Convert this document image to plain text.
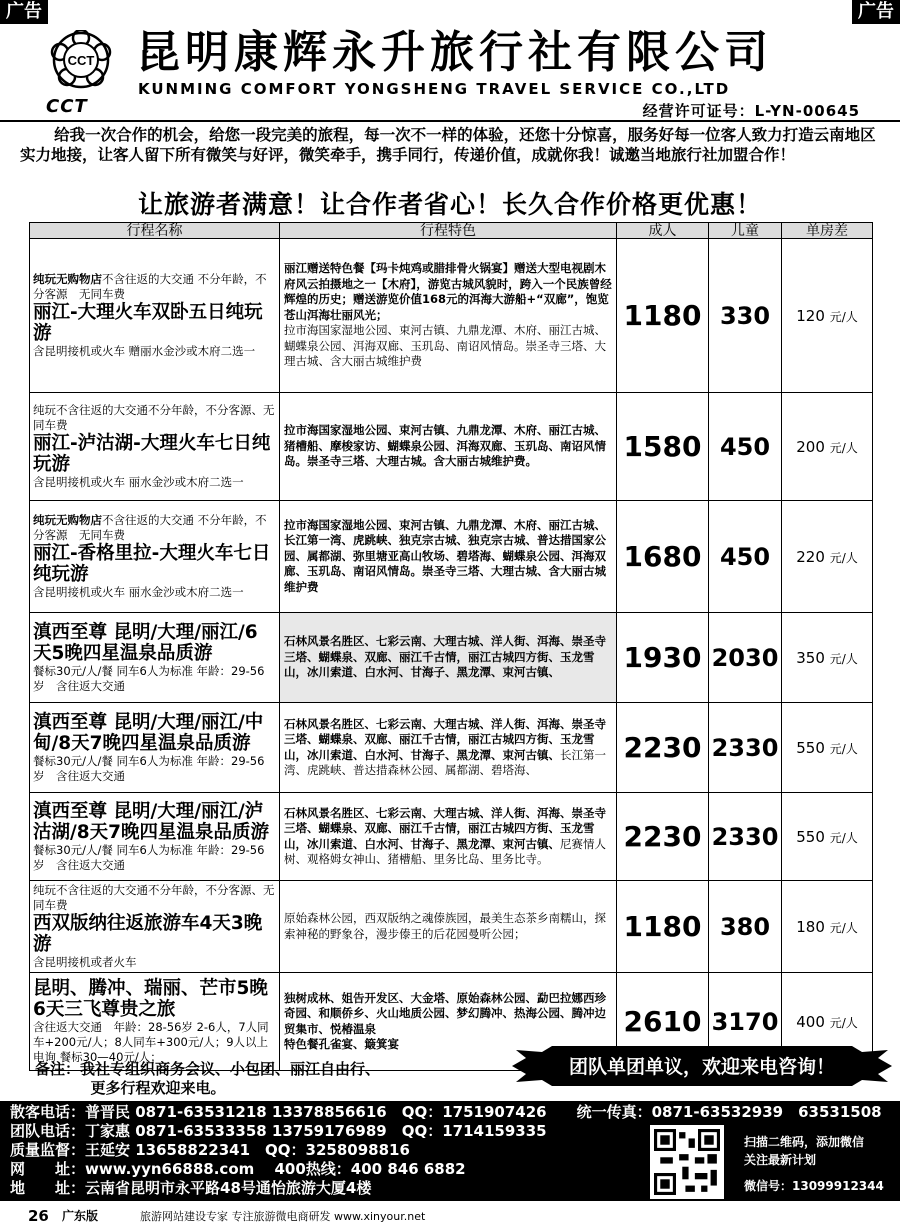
广告	广告
CCT
CCT
昆明康辉永升旅行社有限公司
KUNMING COMFORT YONGSHENG TRAVEL SERVICE CO.,LTD
经营许可证号：L-YN-00645
给我一次合作的机会，给您一段完美的旅程，每一次不一样的体验，还您十分惊喜，服务好每一位客人致力打造云南地区实力地接，让客人留下所有微笑与好评，微笑牵手，携手同行，传递价值，成就你我！诚邀当地旅行社加盟合作！
让旅游者满意！让合作者省心！长久合作价格更优惠！
行程名称	行程特色	成人	儿童	单房差
纯玩无购物店不含往返的大交通 不分年龄，不分客源　无同车费
丽江-大理火车双卧五日纯玩游
含昆明接机或火车 赠丽水金沙或木府二选一	丽江赠送特色餐【玛卡炖鸡或腊排骨火锅宴】赠送大型电视剧木府风云拍摄地之一【木府】，游览古城风貌时，跨入一个民族曾经辉煌的历史；赠送游览价值168元的洱海大游船+“双廊”，饱览苍山洱海壮丽风光；
拉市海国家湿地公园、束河古镇、九鼎龙潭、木府、丽江古城、蝴蝶泉公园、洱海双廊、玉玑岛、南诏风情岛。崇圣寺三塔、大理古城、含大丽古城维护费	1180	330	120 元/人
纯玩不含往返的大交通不分年龄，不分客源、无同车费
丽江-泸沽湖-大理火车七日纯玩游
含昆明接机或火车 丽水金沙或木府二选一	拉市海国家湿地公园、束河古镇、九鼎龙潭、木府、丽江古城、猪槽船、摩梭家访、蝴蝶泉公园、洱海双廊、玉玑岛、南诏风情岛。崇圣寺三塔、大理古城。含大丽古城维护费。	1580	450	200 元/人
纯玩无购物店不含往返的大交通 不分年龄，不分客源　无同车费
丽江-香格里拉-大理火车七日纯玩游
含昆明接机或火车 丽水金沙或木府二选一	拉市海国家湿地公园、束河古镇、九鼎龙潭、木府、丽江古城、长江第一湾、虎跳峡、独克宗古城、独克宗古城、普达措国家公园、属都湖、弥里塘亚高山牧场、碧塔海、蝴蝶泉公园、洱海双廊、玉玑岛、南诏风情岛。崇圣寺三塔、大理古城、含大丽古城维护费	1680	450	220 元/人

滇西至尊 昆明/大理/丽江/6天5晚四星温泉品质游
餐标30元/人/餐 同车6人为标准 年龄：29-56岁　含往返大交通	石林风景名胜区、七彩云南、大理古城、洋人街、洱海、崇圣寺三塔、蝴蝶泉、双廊、丽江千古情，丽江古城四方街、玉龙雪山，冰川索道、白水河、甘海子、黑龙潭、束河古镇、	1930	2030	350 元/人

滇西至尊 昆明/大理/丽江/中甸/8天7晚四星温泉品质游
餐标30元/人/餐 同车6人为标准 年龄：29-56岁　含往返大交通	石林风景名胜区、七彩云南、大理古城、洋人街、洱海、崇圣寺三塔、蝴蝶泉、双廊、丽江千古情，丽江古城四方街、玉龙雪山，冰川索道、白水河、甘海子、黑龙潭、束河古镇、长江第一湾、虎跳峡、普达措森林公园、属都湖、碧塔海、	2230	2330	550 元/人

滇西至尊 昆明/大理/丽江/泸沽湖/8天7晚四星温泉品质游
餐标30元/人/餐 同车6人为标准 年龄：29-56岁　含往返大交通	石林风景名胜区、七彩云南、大理古城、洋人街、洱海、崇圣寺三塔、蝴蝶泉、双廊、丽江千古情，丽江古城四方街、玉龙雪山，冰川索道、白水河、甘海子、黑龙潭、束河古镇、尼赛情人树、观格姆女神山、猪槽船、里务比岛、里务比寺。	2230	2330	550 元/人
纯玩不含往返的大交通不分年龄，不分客源、无同车费
西双版纳往返旅游车4天3晚游
含昆明接机或者火车	原始森林公园，西双版纳之魂傣族园，最美生态茶乡南糯山，探索神秘的野象谷，漫步傣王的后花园曼听公园；	1180	380	180 元/人

昆明、腾冲、瑞丽、芒市5晚6天三飞尊贵之旅
含往返大交通　年龄：28-56岁 2-6人，7人同车+200元/人；8人同车+300元/人；9人以上电询 餐标30—40元/人；	独树成林、姐告开发区、大金塔、原始森林公园、勐巴拉娜西珍奇园、和顺侨乡、火山地质公园、梦幻腾冲、热海公园、腾冲边贸集市、悦椿温泉
特色餐孔雀宴、簸箕宴	2610	3170	400 元/人
备注：我社专组织商务会议、小包团、丽江自由行、
更多行程欢迎来电。
团队单团单议，欢迎来电咨询！
散客电话：普晋民 0871-63531218 13378856616　QQ：1751907426　　统一传真：0871-63532939　63531508
团队电话：丁家惠 0871-63533358 13759176989　QQ：1714159335
质量监督：王延安 13658822341　QQ：3258098816
网　　址：www.yyn66888.com　 400热线：400 846 6882
地　　址：云南省昆明市永平路48号通怡旅游大厦4楼
扫描二维码，添加微信
关注最新计划
微信号：13099912344
26 广东版	旅游网站建设专家 专注旅游微电商研发 www.xinyour.net
